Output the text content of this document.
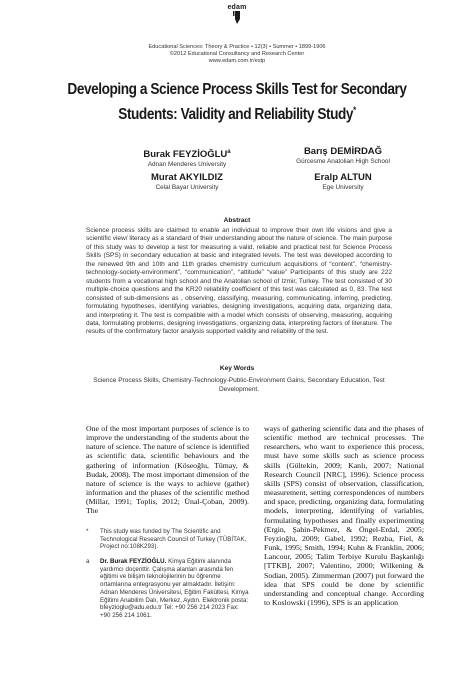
edam
Educational Sciences: Theory & Practice • 12(3) • Summer • 1899-1906
©2012 Educational Consultancy and Research Center
www.edam.com.tr/estp
Developing a Science Process Skills Test for Secondary
Students: Validity and Reliability Study*
Burak FEYZİOĞLU$^a$
Adnan Menderes University
Barış DEMİRDAĞ
Gürcesme Anatolian High School
Murat AKYILDIZ
Celal Bayar University
Eralp ALTUN
Ege University
Abstract
Science process skills are claimed to enable an individual to improve their own life visions and give a scientific view/ literacy as a standard of their understanding about the nature of science. The main purpose of this study was to develop a test for measuring a valid, reliable and practical test for Science Process Skills (SPS) in secondary education at basic and integrated levels. The test was developed according to the renewed 9th and 10th and 11th grades chemistry curriculum acquisitions of “content”, “chemistry-technology-society-environment”, “communication”, “attitude” “value” Participants of this study are 222 students from a vocational high school and the Anatolian school of Izmir, Turkey. The test consisted of 30 multiple-choice questions and the KR20 reliability coefficient of this test was calculated as 0, 83. The test consisted of sub-dimensions as , observing, classifying, measuring, communicating, inferring, predicting, formulating hypotheses, identifying variables, designing investigations, acquiring data, organizing data, and interpreting it. The test is compatible with a model which consists of observing, measuring, acquiring data, formulating problems, designing investigations, organizing data, interpreting factors of literature. The results of the confirmatory factor analysis supported validity and reliability of the test.
Key Words
Science Process Skills, Chemistry-Technology-Public-Environment Gains, Secondary Education, Test Development.
One of the most important purposes of science is to improve the understanding of the students about the nature of science. The nature of science is identified as scientific data, scientific behaviours and the gathering of information (Köseoğlu, Tümay, & Budak, 2008). The most important dimension of the nature of science is the ways to achieve (gather) information and the phases of the scientific method (Millar, 1991; Toplis, 2012; Ünal-Çoban, 2009). The
ways of gathering scientific data and the phases of scientific method are technical processes. The researchers, who want to experience this process, must have some skills such as science process skills (Gültekin, 2009; Kanlı, 2007; National Research Council [NRC], 1996). Science process skills (SPS) consist of observation, classification, measurement, setting correspondences of numbers and space, predicting, organizing data, formulating models, interpreting, identifying of variables, formulating hypotheses and finally experimenting (Ergin, Şahin-Pekmez, & Öngel-Erdal, 2005; Feyzioğlu, 2009; Gabel, 1992; Rezba, Fiel, & Funk, 1995; Smith, 1994; Kuhn & Franklin, 2006; Lancour, 2005; Talim Terbiye Kurulu Başkanlığı [TTKB], 2007; Valentino, 2000; Wilkening & Sodian, 2005). Zimmerman (2007) put forward the idea that SPS could be done by scientific understanding and conceptual change. According to Koslowski (1996), SPS is an application
* This study was funded by The Scientific and Technological Research Council of Turkey (TÜBİTAK, Project no:108K293).
a Dr. Burak FEYZİOĞLU. Kimya Eğitimi alanında yardımcı doçenttir. Çalışma alanları arasında fen eğitimi ve bilişim teknolojilerinin bu öğrenme ortamlarına entegrasyonu yer almaktadır. İletişim: Adnan Menderes Üniversitesi, Eğitim Fakültesi, Kimya Eğitimi Anabilim Dalı, Merkez, Aydın. Elektronik posta: bfeyzioglu@adu.edu.tr Tel: +90 256 214 2023 Fax: +90 256 214 1061.
